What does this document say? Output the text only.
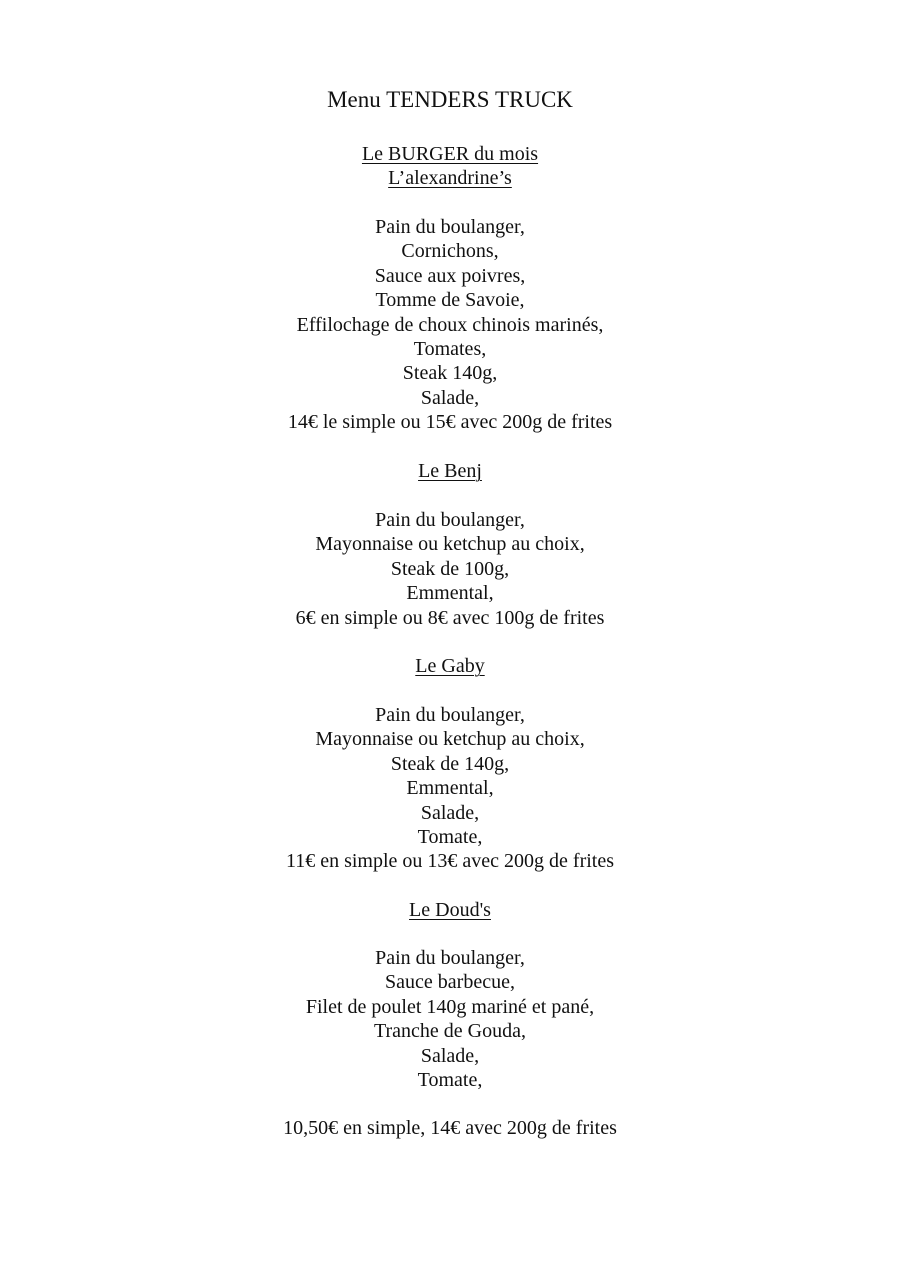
Menu TENDERS TRUCK
Le BURGER du mois
L’alexandrine’s
Pain du boulanger,
Cornichons,
Sauce aux poivres,
Tomme de Savoie,
Effilochage de choux chinois marinés,
Tomates,
Steak 140g,
Salade,
14€ le simple ou 15€ avec 200g de frites
Le Benj
Pain du boulanger,
Mayonnaise ou ketchup au choix,
Steak de 100g,
Emmental,
6€ en simple ou 8€ avec 100g de frites
Le Gaby
Pain du boulanger,
Mayonnaise ou ketchup au choix,
Steak de 140g,
Emmental,
Salade,
Tomate,
11€ en simple ou 13€ avec 200g de frites
Le Doud's
Pain du boulanger,
Sauce barbecue,
Filet de poulet 140g mariné et pané,
Tranche de Gouda,
Salade,
Tomate,
10,50€ en simple, 14€ avec 200g de frites
